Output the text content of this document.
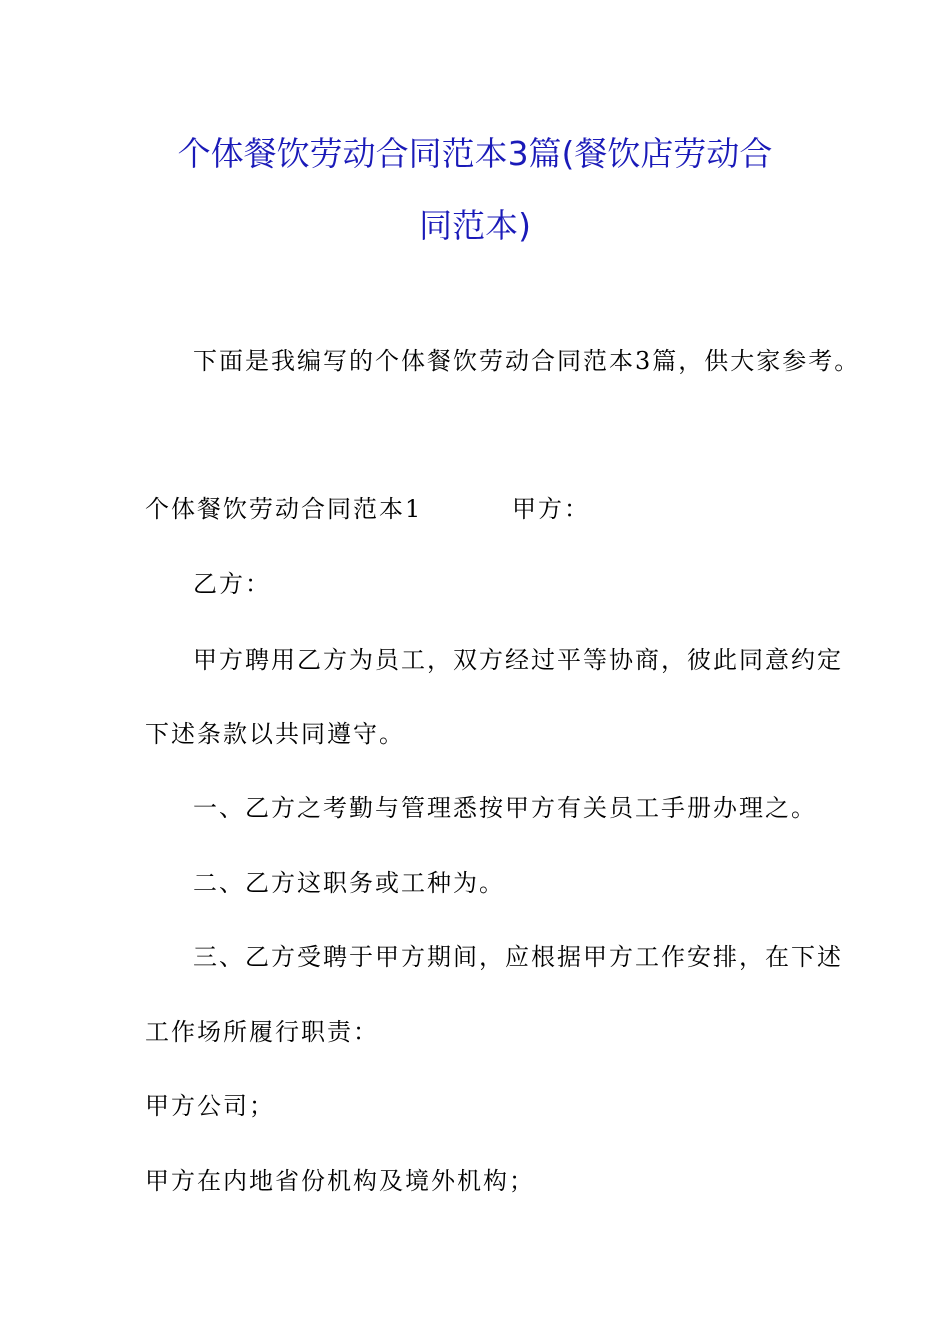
个体餐饮劳动合同范本3篇(餐饮店劳动合
同范本)
下面是我编写的个体餐饮劳动合同范本3篇，供大家参考。
个体餐饮劳动合同范本1	甲方：
乙方：
甲方聘用乙方为员工，双方经过平等协商，彼此同意约定
下述条款以共同遵守。
一、乙方之考勤与管理悉按甲方有关员工手册办理之。
二、乙方这职务或工种为。
三、乙方受聘于甲方期间，应根据甲方工作安排，在下述
工作场所履行职责：
甲方公司；
甲方在内地省份机构及境外机构；
